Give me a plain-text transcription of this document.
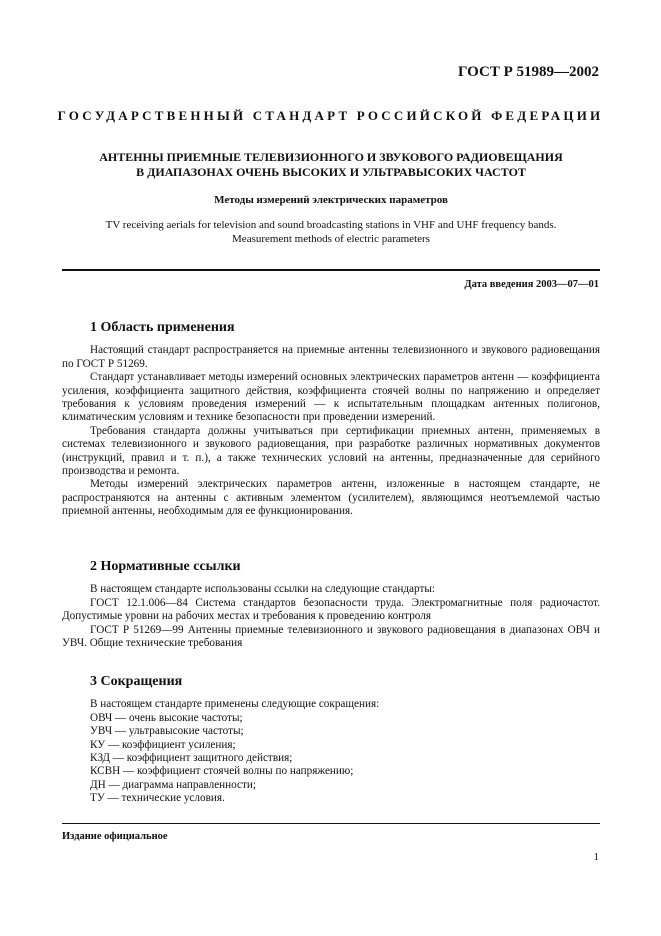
ГОСТ Р 51989—2002
ГОСУДАРСТВЕННЫЙ СТАНДАРТ РОССИЙСКОЙ ФЕДЕРАЦИИ
АНТЕННЫ ПРИЕМНЫЕ ТЕЛЕВИЗИОННОГО И ЗВУКОВОГО РАДИОВЕЩАНИЯ
В ДИАПАЗОНАХ ОЧЕНЬ ВЫСОКИХ И УЛЬТРАВЫСОКИХ ЧАСТОТ
Методы измерений электрических параметров
TV receiving aerials for television and sound broadcasting stations in VHF and UHF frequency bands.
Measurement methods of electric parameters
Дата введения 2003—07—01
1 Область применения

Настоящий стандарт распространяется на приемные антенны телевизионного и звукового радиовещания по ГОСТ Р 51269.

Стандарт устанавливает методы измерений основных электрических параметров антенн — коэффициента усиления, коэффициента защитного действия, коэффициента стоячей волны по напряжению и определяет требования к условиям проведения измерений — к испытательным площадкам антенных полигонов, климатическим условиям и технике безопасности при проведении измерений.

Требования стандарта должны учитываться при сертификации приемных антенн, применяемых в системах телевизионного и звукового радиовещания, при разработке различных нормативных документов (инструкций, правил и т. п.), а также технических условий на антенны, предназначенные для серийного производства и ремонта.

Методы измерений электрических параметров антенн, изложенные в настоящем стандарте, не распространяются на антенны с активным элементом (усилителем), являющимся неотъемлемой частью приемной антенны, необходимым для ее функционирования.

2 Нормативные ссылки

В настоящем стандарте использованы ссылки на следующие стандарты:

ГОСТ 12.1.006—84 Система стандартов безопасности труда. Электромагнитные поля радиочастот. Допустимые уровни на рабочих местах и требования к проведению контроля

ГОСТ Р 51269—99 Антенны приемные телевизионного и звукового радиовещания в диапазонах ОВЧ и УВЧ. Общие технические требования

3 Сокращения

В настоящем стандарте применены следующие сокращения:

ОВЧ — очень высокие частоты;
УВЧ — ультравысокие частоты;
КУ — коэффициент усиления;
КЗД — коэффициент защитного действия;
КСВН — коэффициент стоячей волны по напряжению;
ДН — диаграмма направленности;
ТУ — технические условия.
Издание официальное
1
